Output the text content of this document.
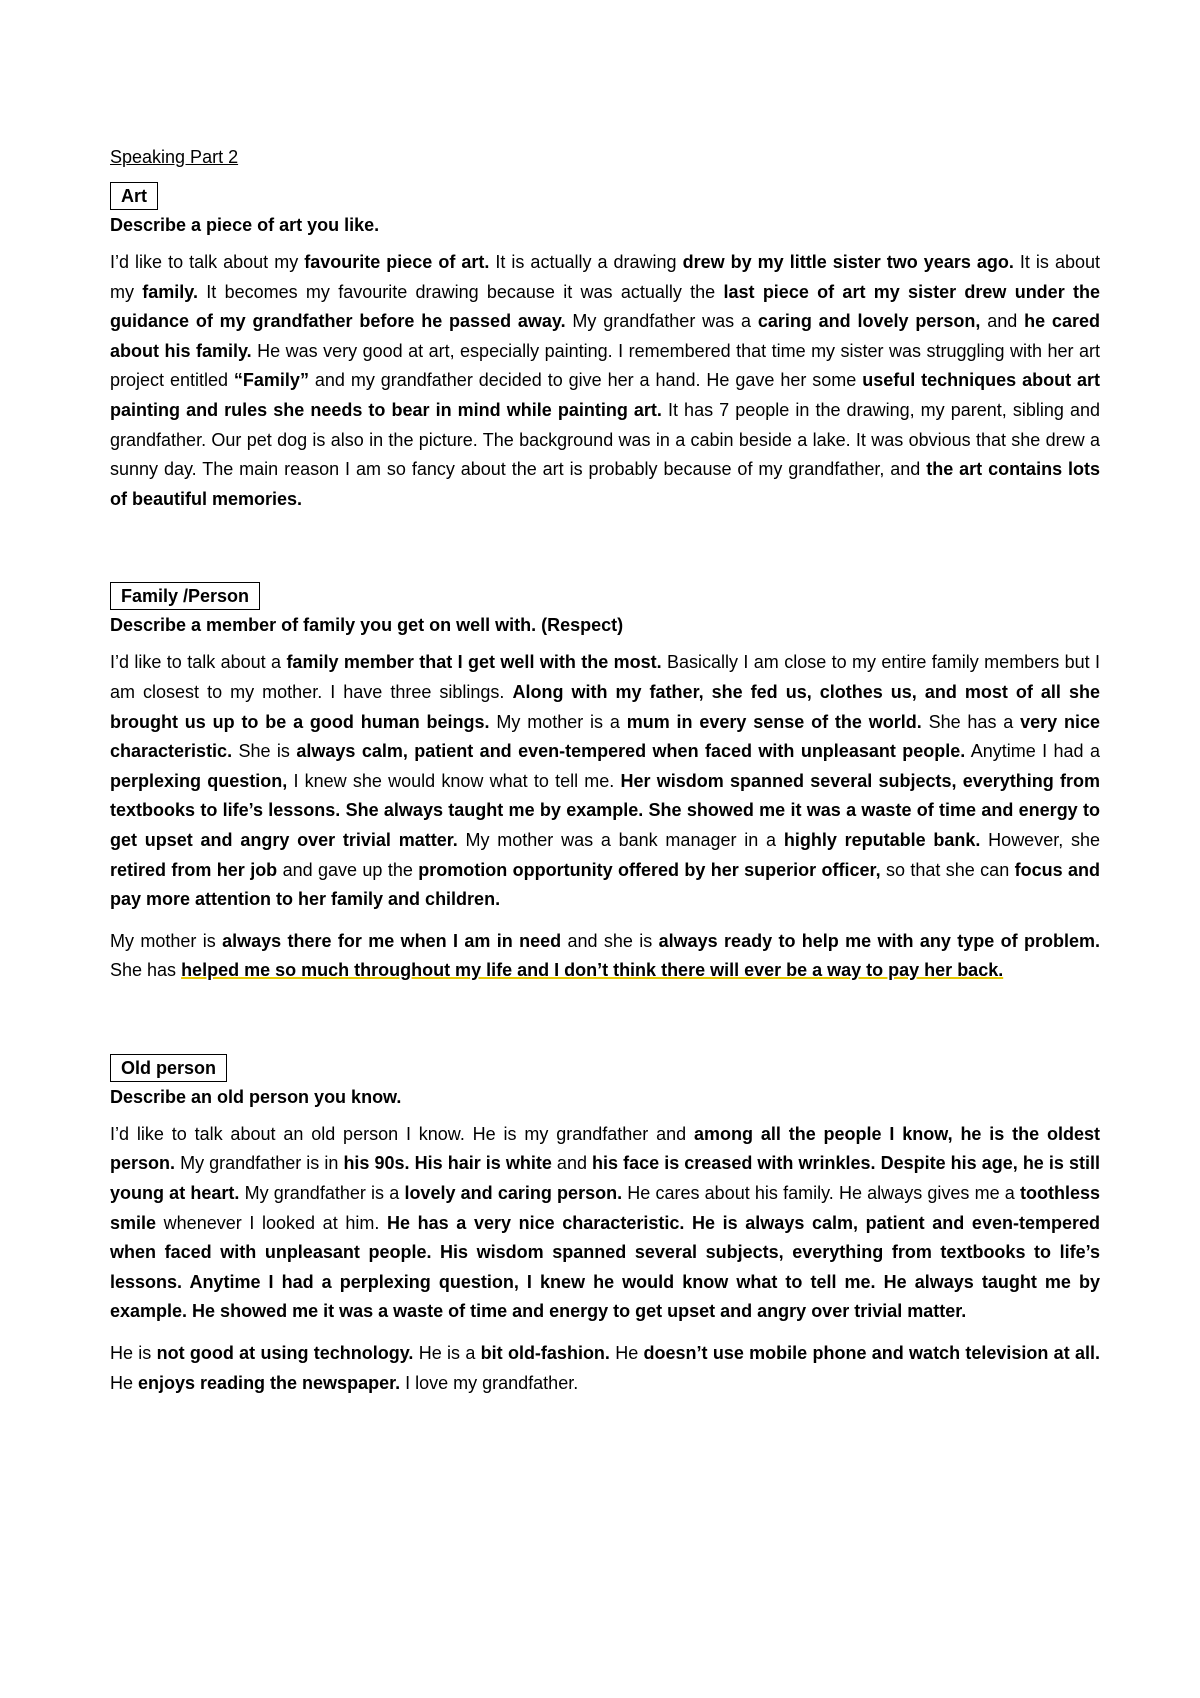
Speaking Part 2
Art
Describe a piece of art you like.
I’d like to talk about my favourite piece of art. It is actually a drawing drew by my little sister two years ago. It is about my family. It becomes my favourite drawing because it was actually the last piece of art my sister drew under the guidance of my grandfather before he passed away. My grandfather was a caring and lovely person, and he cared about his family. He was very good at art, especially painting. I remembered that time my sister was struggling with her art project entitled “Family” and my grandfather decided to give her a hand. He gave her some useful techniques about art painting and rules she needs to bear in mind while painting art. It has 7 people in the drawing, my parent, sibling and grandfather. Our pet dog is also in the picture. The background was in a cabin beside a lake. It was obvious that she drew a sunny day. The main reason I am so fancy about the art is probably because of my grandfather, and the art contains lots of beautiful memories.
Family /Person
Describe a member of family you get on well with. (Respect)
I’d like to talk about a family member that I get well with the most. Basically I am close to my entire family members but I am closest to my mother. I have three siblings. Along with my father, she fed us, clothes us, and most of all she brought us up to be a good human beings. My mother is a mum in every sense of the world. She has a very nice characteristic. She is always calm, patient and even-tempered when faced with unpleasant people. Anytime I had a perplexing question, I knew she would know what to tell me. Her wisdom spanned several subjects, everything from textbooks to life’s lessons. She always taught me by example. She showed me it was a waste of time and energy to get upset and angry over trivial matter. My mother was a bank manager in a highly reputable bank. However, she retired from her job and gave up the promotion opportunity offered by her superior officer, so that she can focus and pay more attention to her family and children.
My mother is always there for me when I am in need and she is always ready to help me with any type of problem. She has helped me so much throughout my life and I don’t think there will ever be a way to pay her back.
Old person
Describe an old person you know.
I’d like to talk about an old person I know. He is my grandfather and among all the people I know, he is the oldest person. My grandfather is in his 90s. His hair is white and his face is creased with wrinkles. Despite his age, he is still young at heart. My grandfather is a lovely and caring person. He cares about his family. He always gives me a toothless smile whenever I looked at him. He has a very nice characteristic. He is always calm, patient and even-tempered when faced with unpleasant people. His wisdom spanned several subjects, everything from textbooks to life’s lessons. Anytime I had a perplexing question, I knew he would know what to tell me. He always taught me by example. He showed me it was a waste of time and energy to get upset and angry over trivial matter.
He is not good at using technology. He is a bit old-fashion. He doesn’t use mobile phone and watch television at all. He enjoys reading the newspaper. I love my grandfather.
